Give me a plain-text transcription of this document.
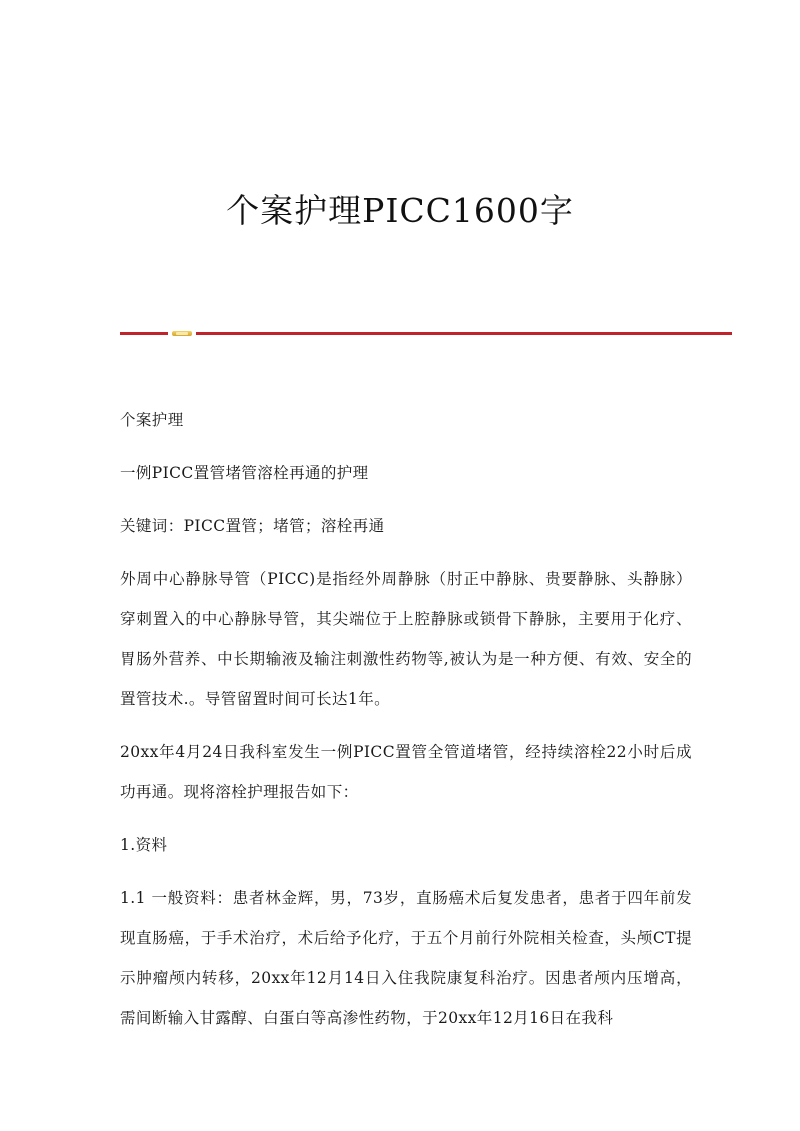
个案护理PICC1600字

个案护理

一例PICC置管堵管溶栓再通的护理

关键词：PICC置管；堵管；溶栓再通

外周中心静脉导管（PICC)是指经外周静脉（肘正中静脉、贵要静脉、头静脉）穿刺置入的中心静脉导管，其尖端位于上腔静脉或锁骨下静脉，主要用于化疗、胃肠外营养、中长期输液及输注刺激性药物等,被认为是一种方便、有效、安全的置管技术.。导管留置时间可长达1年。

20xx年4月24日我科室发生一例PICC置管全管道堵管，经持续溶栓22小时后成功再通。现将溶栓护理报告如下：

1.资料

1.1 一般资料：患者林金辉，男，73岁，直肠癌术后复发患者，患者于四年前发现直肠癌，于手术治疗，术后给予化疗，于五个月前行外院相关检查，头颅CT提示肿瘤颅内转移，20xx年12月14日入住我院康复科治疗。因患者颅内压增高，需间断输入甘露醇、白蛋白等高渗性药物，于20xx年12月16日在我科
